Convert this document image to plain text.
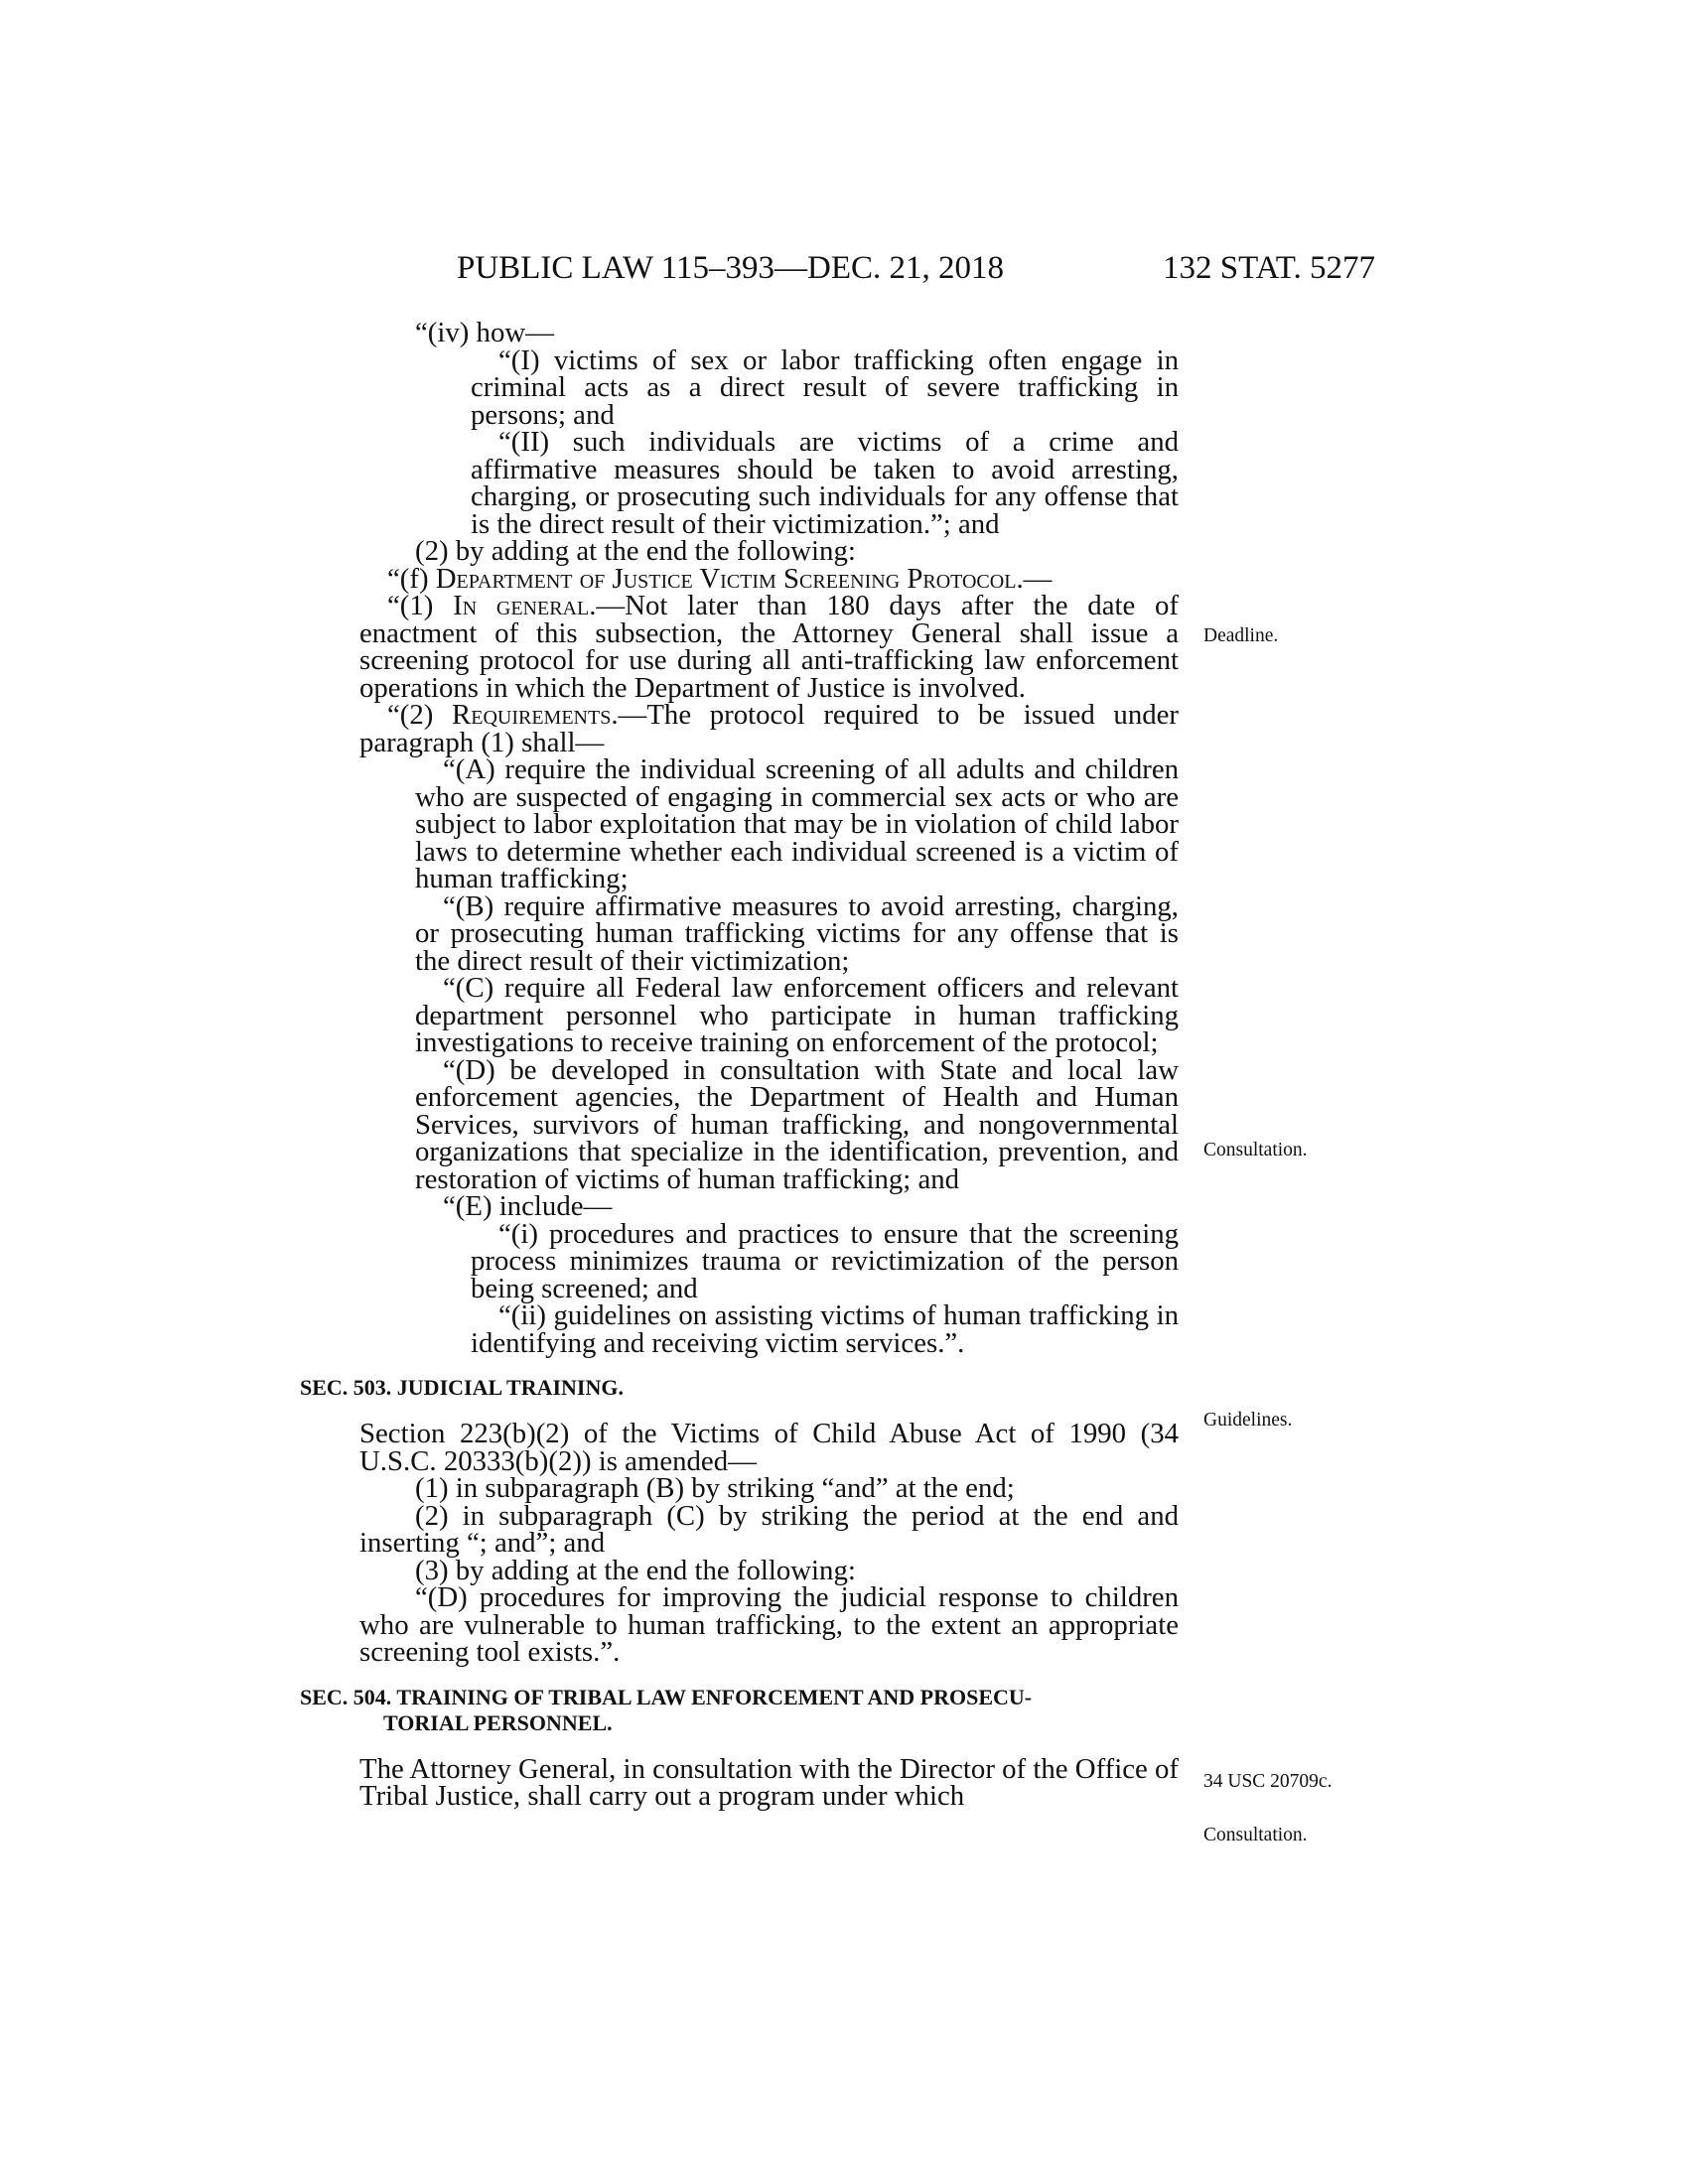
PUBLIC LAW 115–393—DEC. 21, 2018	132 STAT. 5277

“(iv) how—

“(I) victims of sex or labor trafficking often engage in criminal acts as a direct result of severe trafficking in persons; and

“(II) such individuals are victims of a crime and affirmative measures should be taken to avoid arresting, charging, or prosecuting such individuals for any offense that is the direct result of their victimization.”; and

(2) by adding at the end the following:

“(f) Department of Justice Victim Screening Protocol.—

“(1) In general.—Not later than 180 days after the date of enactment of this subsection, the Attorney General shall issue a screening protocol for use during all anti-trafficking law enforcement operations in which the Department of Justice is involved.

“(2) Requirements.—The protocol required to be issued under paragraph (1) shall—

“(A) require the individual screening of all adults and children who are suspected of engaging in commercial sex acts or who are subject to labor exploitation that may be in violation of child labor laws to determine whether each individual screened is a victim of human trafficking;

“(B) require affirmative measures to avoid arresting, charging, or prosecuting human trafficking victims for any offense that is the direct result of their victimization;

“(C) require all Federal law enforcement officers and relevant department personnel who participate in human trafficking investigations to receive training on enforcement of the protocol;

“(D) be developed in consultation with State and local law enforcement agencies, the Department of Health and Human Services, survivors of human trafficking, and nongovernmental organizations that specialize in the identification, prevention, and restoration of victims of human trafficking; and

“(E) include—

“(i) procedures and practices to ensure that the screening process minimizes trauma or revictimization of the person being screened; and

“(ii) guidelines on assisting victims of human trafficking in identifying and receiving victim services.”.

SEC. 503. JUDICIAL TRAINING.

Section 223(b)(2) of the Victims of Child Abuse Act of 1990 (34 U.S.C. 20333(b)(2)) is amended—

(1) in subparagraph (B) by striking “and” at the end;

(2) in subparagraph (C) by striking the period at the end and inserting “; and”; and

(3) by adding at the end the following:

“(D) procedures for improving the judicial response to children who are vulnerable to human trafficking, to the extent an appropriate screening tool exists.”.

SEC. 504. TRAINING OF TRIBAL LAW ENFORCEMENT AND PROSECU-
TORIAL PERSONNEL.

The Attorney General, in consultation with the Director of the Office of Tribal Justice, shall carry out a program under which

Deadline.
Consultation.
Guidelines.
34 USC 20709c.
Consultation.
